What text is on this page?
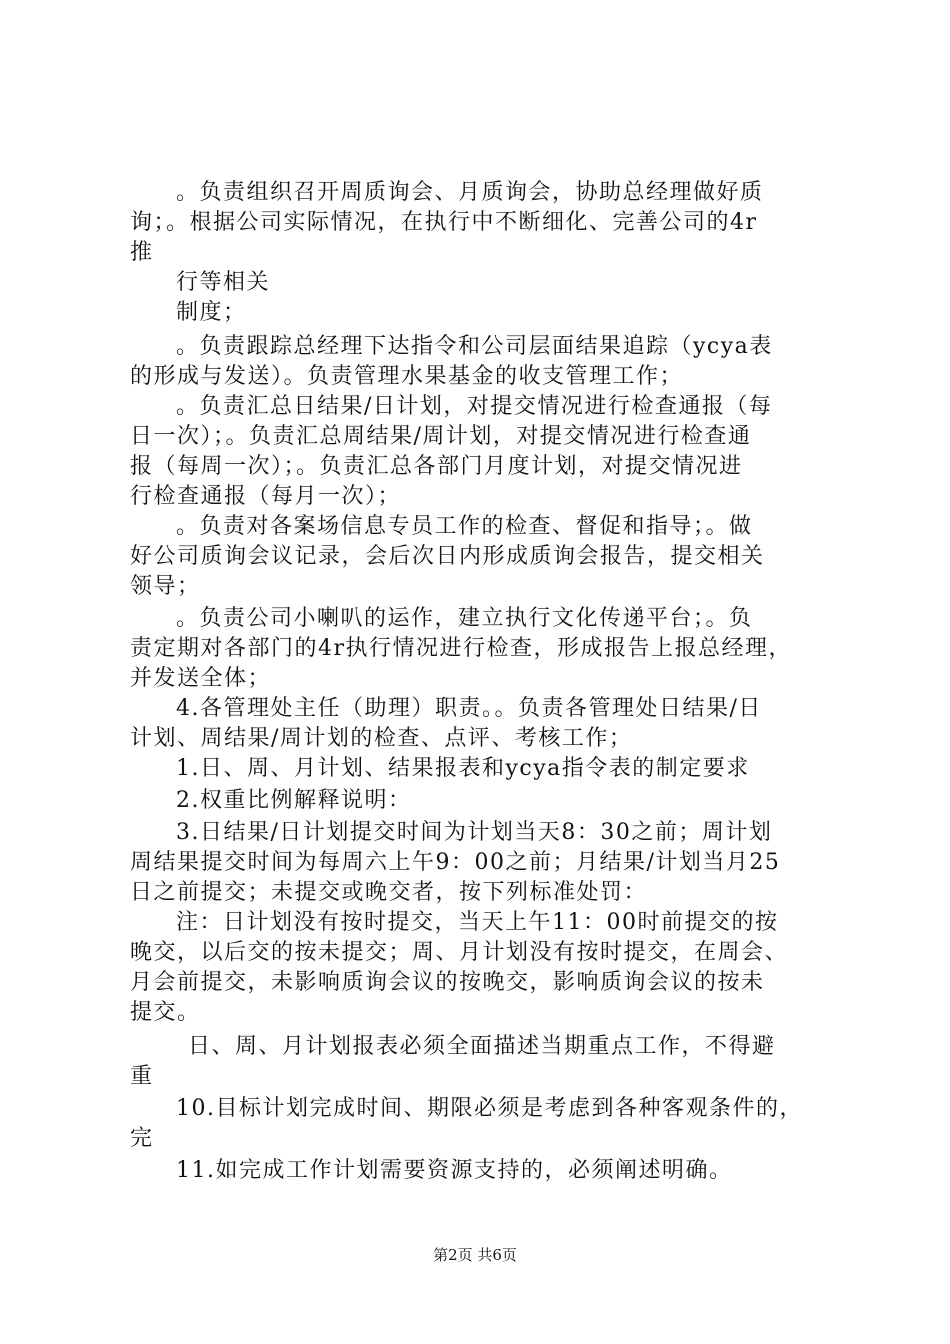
。负责组织召开周质询会、月质询会，协助总经理做好质
询；。根据公司实际情况，在执行中不断细化、完善公司的4r
推
行等相关
制度；
。负责跟踪总经理下达指令和公司层面结果追踪（ycya表
的形成与发送）。负责管理水果基金的收支管理工作；
。负责汇总日结果/日计划，对提交情况进行检查通报（每
日一次）；。负责汇总周结果/周计划，对提交情况进行检查通
报（每周一次）；。负责汇总各部门月度计划，对提交情况进
行检查通报（每月一次）；
。负责对各案场信息专员工作的检查、督促和指导；。做
好公司质询会议记录，会后次日内形成质询会报告，提交相关
领导；
。负责公司小喇叭的运作，建立执行文化传递平台；。负
责定期对各部门的4r执行情况进行检查，形成报告上报总经理，
并发送全体；
4.各管理处主任（助理）职责。。负责各管理处日结果/日
计划、周结果/周计划的检查、点评、考核工作；
1.日、周、月计划、结果报表和ycya指令表的制定要求
2.权重比例解释说明：
3.日结果/日计划提交时间为计划当天8：30之前；周计划
周结果提交时间为每周六上午9：00之前；月结果/计划当月25
日之前提交；未提交或晚交者，按下列标准处罚：
注：日计划没有按时提交，当天上午11：00时前提交的按
晚交，以后交的按未提交；周、月计划没有按时提交，在周会、
月会前提交，未影响质询会议的按晚交，影响质询会议的按未
提交。
日、周、月计划报表必须全面描述当期重点工作，不得避
重
10.目标计划完成时间、期限必须是考虑到各种客观条件的，
完
11.如完成工作计划需要资源支持的，必须阐述明确。
第2页 共6页
